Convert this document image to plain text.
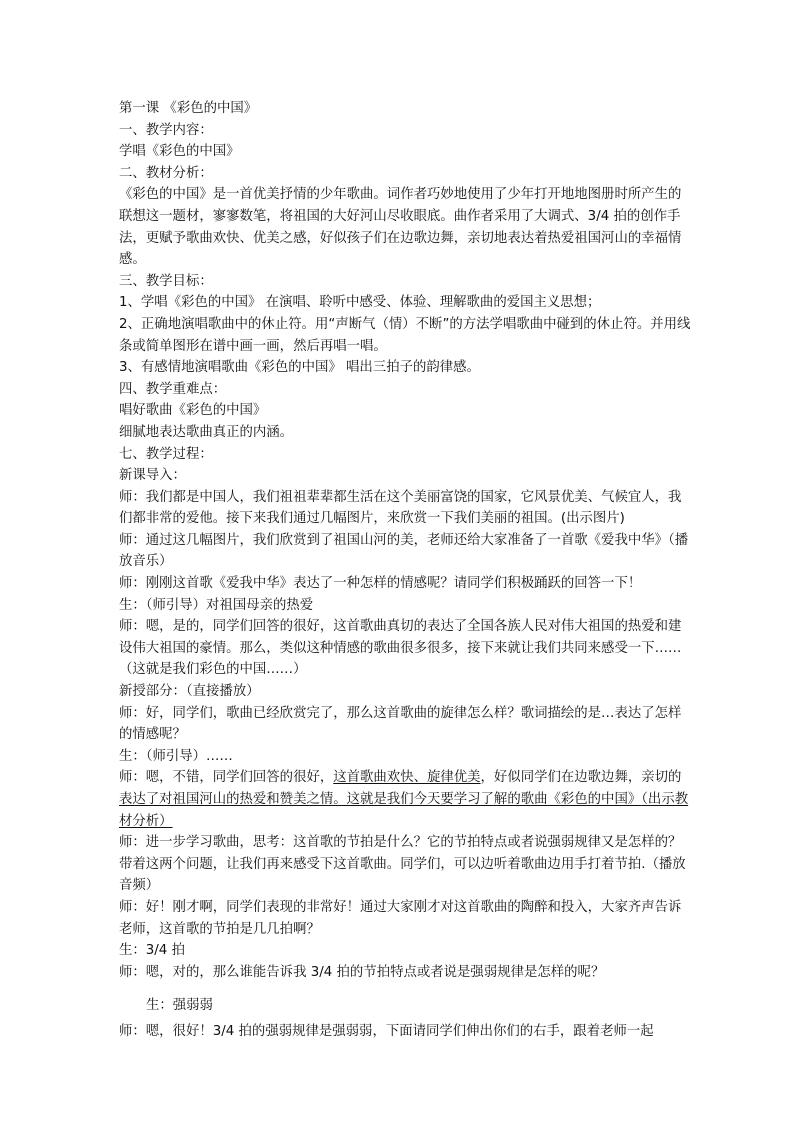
第一课 《彩色的中国》
一、教学内容：
学唱《彩色的中国》
二、教材分析：
《彩色的中国》是一首优美抒情的少年歌曲。词作者巧妙地使用了少年打开地地图册时所产生的联想这一题材，寥寥数笔，将祖国的大好河山尽收眼底。曲作者采用了大调式、3/4 拍的创作手法，更赋予歌曲欢快、优美之感，好似孩子们在边歌边舞，亲切地表达着热爱祖国河山的幸福情感。
三、教学目标：
1、学唱《彩色的中国》 在演唱、聆听中感受、体验、理解歌曲的爱国主义思想；
2、正确地演唱歌曲中的休止符。用“声断气（情）不断”的方法学唱歌曲中碰到的休止符。并用线条或简单图形在谱中画一画，然后再唱一唱。
3、有感情地演唱歌曲《彩色的中国》 唱出三拍子的韵律感。
四、教学重难点：
唱好歌曲《彩色的中国》
细腻地表达歌曲真正的内涵。
七、教学过程：
新课导入：
师：我们都是中国人，我们祖祖辈辈都生活在这个美丽富饶的国家，它风景优美、气候宜人，我们都非常的爱他。接下来我们通过几幅图片，来欣赏一下我们美丽的祖国。(出示图片)
师：通过这几幅图片，我们欣赏到了祖国山河的美，老师还给大家准备了一首歌《爱我中华》（播放音乐）
师：刚刚这首歌《爱我中华》表达了一种怎样的情感呢？请同学们积极踊跃的回答一下！
生：（师引导）对祖国母亲的热爱
师：嗯，是的，同学们回答的很好，这首歌曲真切的表达了全国各族人民对伟大祖国的热爱和建设伟大祖国的豪情。那么，类似这种情感的歌曲很多很多，接下来就让我们共同来感受一下……（这就是我们彩色的中国……）
新授部分：（直接播放）
师：好，同学们，歌曲已经欣赏完了，那么这首歌曲的旋律怎么样？歌词描绘的是…表达了怎样的情感呢？
生：（师引导）……
师：嗯，不错，同学们回答的很好，这首歌曲欢快、旋律优美，好似同学们在边歌边舞，亲切的表达了对祖国河山的热爱和赞美之情。这就是我们今天要学习了解的歌曲《彩色的中国》（出示教材分析）
师：进一步学习歌曲，思考：这首歌的节拍是什么？它的节拍特点或者说强弱规律又是怎样的？带着这两个问题，让我们再来感受下这首歌曲。同学们，可以边听着歌曲边用手打着节拍.（播放音频）
师：好！刚才啊，同学们表现的非常好！通过大家刚才对这首歌曲的陶醉和投入，大家齐声告诉老师，这首歌的节拍是几几拍啊？
生：3/4 拍
师：嗯，对的，那么谁能告诉我 3/4 拍的节拍特点或者说是强弱规律是怎样的呢？
生：强弱弱
师：嗯，很好！3/4 拍的强弱规律是强弱弱，下面请同学们伸出你们的右手，跟着老师一起
